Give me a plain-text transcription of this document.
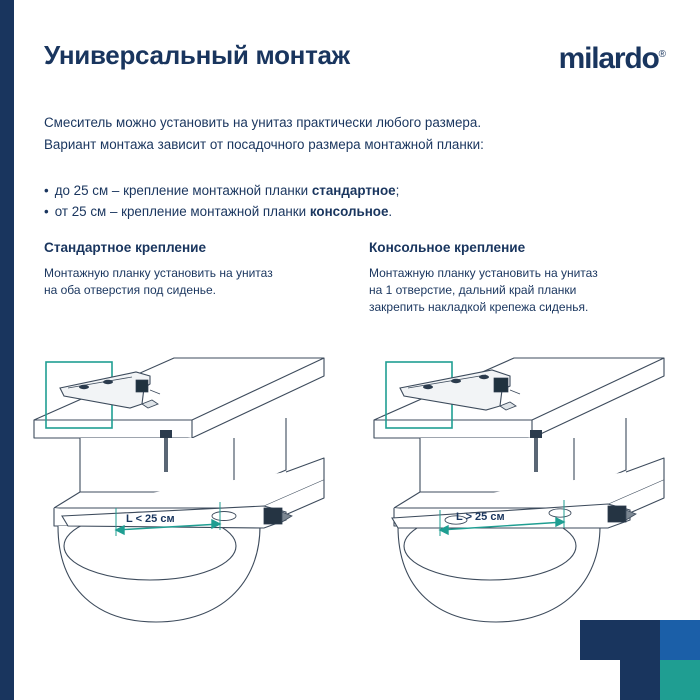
Универсальный монтаж	milardo®
Смеситель можно установить на унитаз практически любого размера.
Вариант монтажа зависит от посадочного размера монтажной планки:
• до 25 см – крепление монтажной планки стандартное;
• от 25 см – крепление монтажной планки консольное.
Стандартное крепление

Монтажную планку установить на унитаз

на оба отверстия под сиденье.

Консольное крепление

Монтажную планку установить на унитаз

на 1 отверстие, дальний край планки

закрепить накладкой крепежа сиденья.

L < 25 см	L > 25 см
